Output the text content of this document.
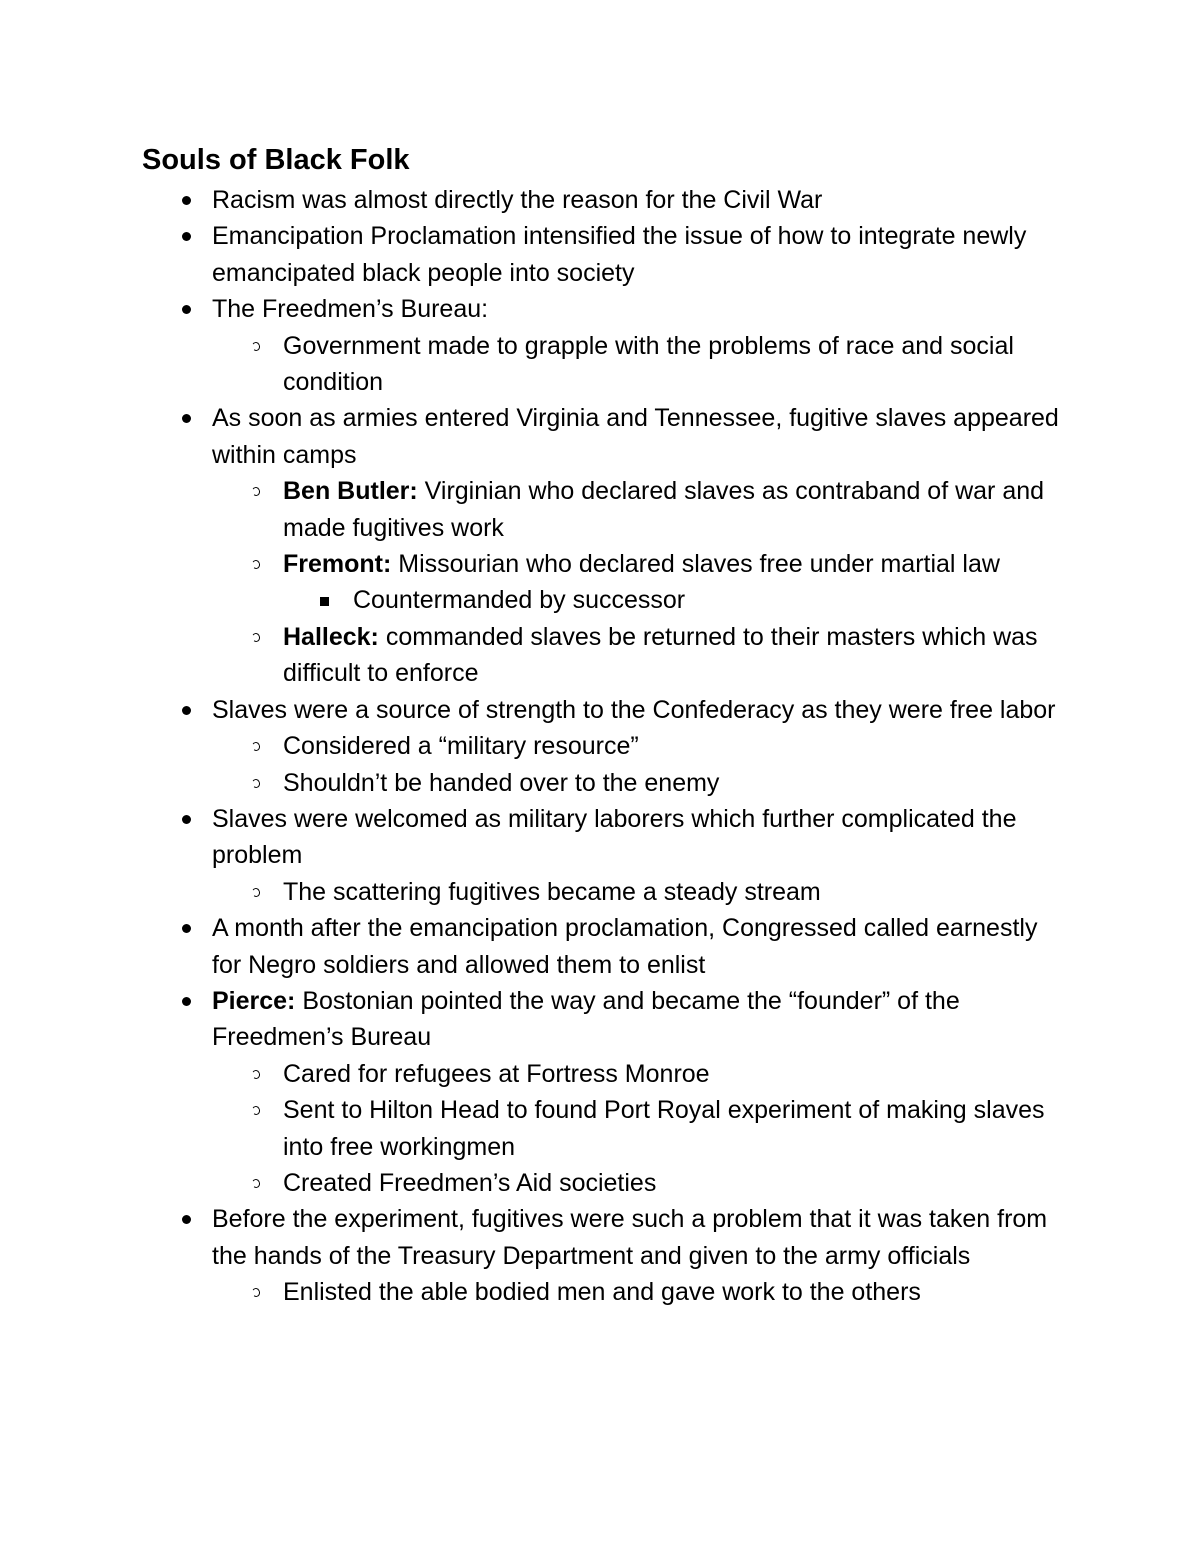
Souls of Black Folk
Racism was almost directly the reason for the Civil War
Emancipation Proclamation intensified the issue of how to integrate newly emancipated black people into society
The Freedmen’s Bureau:
Government made to grapple with the problems of race and social condition
As soon as armies entered Virginia and Tennessee, fugitive slaves appeared within camps
Ben Butler: Virginian who declared slaves as contraband of war and made fugitives work
Fremont: Missourian who declared slaves free under martial law
Countermanded by successor
Halleck: commanded slaves be returned to their masters which was difficult to enforce
Slaves were a source of strength to the Confederacy as they were free labor
Considered a “military resource”
Shouldn’t be handed over to the enemy
Slaves were welcomed as military laborers which further complicated the problem
The scattering fugitives became a steady stream
A month after the emancipation proclamation, Congressed called earnestly for Negro soldiers and allowed them to enlist
Pierce: Bostonian pointed the way and became the “founder” of the Freedmen’s Bureau
Cared for refugees at Fortress Monroe
Sent to Hilton Head to found Port Royal experiment of making slaves into free workingmen
Created Freedmen’s Aid societies
Before the experiment, fugitives were such a problem that it was taken from the hands of the Treasury Department and given to the army officials
Enlisted the able bodied men and gave work to the others
